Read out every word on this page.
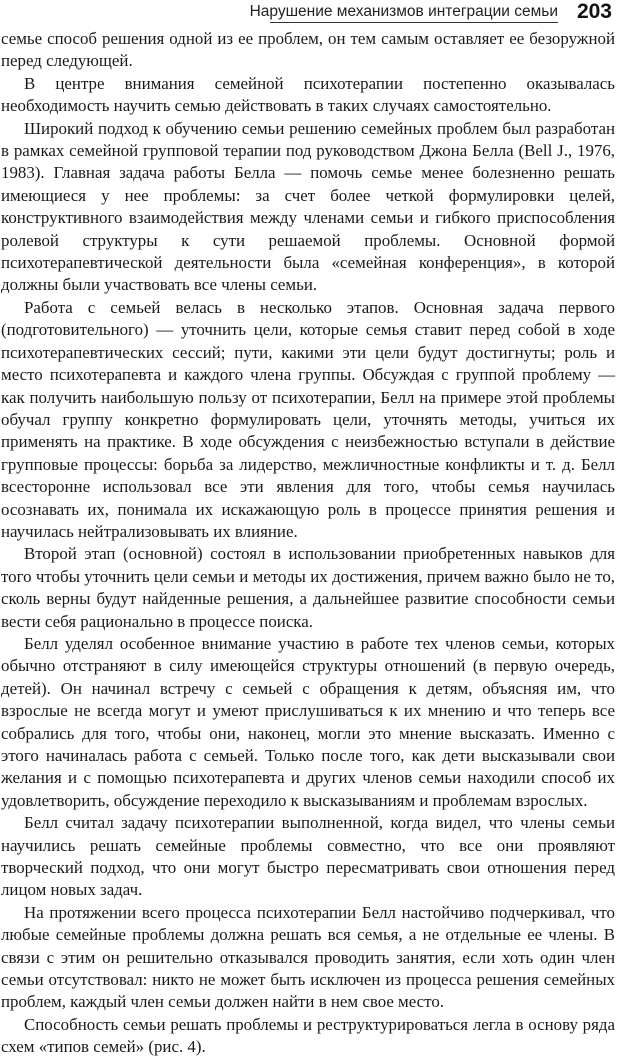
Нарушение механизмов интеграции семьи 203

семье способ решения одной из ее проблем, он тем самым оставляет ее безоружной перед следующей.

В центре внимания семейной психотерапии постепенно оказывалась необходимость научить семью действовать в таких случаях самостоятельно.

Широкий подход к обучению семьи решению семейных проблем был разработан в рамках семейной групповой терапии под руководством Джона Белла (Bell J., 1976, 1983). Главная задача работы Белла — помочь семье менее болезненно решать имеющиеся у нее проблемы: за счет более четкой формулировки целей, конструктивного взаимодействия между членами семьи и гибкого приспособления ролевой структуры к сути решаемой проблемы. Основной формой психотерапевтической деятельности была «семейная конференция», в которой должны были участвовать все члены семьи.

Работа с семьей велась в несколько этапов. Основная задача первого (подготовительного) — уточнить цели, которые семья ставит перед собой в ходе психотерапевтических сессий; пути, какими эти цели будут достигнуты; роль и место психотерапевта и каждого члена группы. Обсуждая с группой проблему — как получить наибольшую пользу от психотерапии, Белл на примере этой проблемы обучал группу конкретно формулировать цели, уточнять методы, учиться их применять на практике. В ходе обсуждения с неизбежностью вступали в действие групповые процессы: борьба за лидерство, межличностные конфликты и т. д. Белл всесторонне использовал все эти явления для того, чтобы семья научилась осознавать их, понимала их искажающую роль в процессе принятия решения и научилась нейтрализовывать их влияние.

Второй этап (основной) состоял в использовании приобретенных навыков для того чтобы уточнить цели семьи и методы их достижения, причем важно было не то, сколь верны будут найденные решения, а дальнейшее развитие способности семьи вести себя рационально в процессе поиска.

Белл уделял особенное внимание участию в работе тех членов семьи, которых обычно отстраняют в силу имеющейся структуры отношений (в первую очередь, детей). Он начинал встречу с семьей с обращения к детям, объясняя им, что взрослые не всегда могут и умеют прислушиваться к их мнению и что теперь все собрались для того, чтобы они, наконец, могли это мнение высказать. Именно с этого начиналась работа с семьей. Только после того, как дети высказывали свои желания и с помощью психотерапевта и других членов семьи находили способ их удовлетворить, обсуждение переходило к высказываниям и проблемам взрослых.

Белл считал задачу психотерапии выполненной, когда видел, что члены семьи научились решать семейные проблемы совместно, что все они проявляют творческий подход, что они могут быстро пересматривать свои отношения перед лицом новых задач.

На протяжении всего процесса психотерапии Белл настойчиво подчеркивал, что любые семейные проблемы должна решать вся семья, а не отдельные ее члены. В связи с этим он решительно отказывался проводить занятия, если хоть один член семьи отсутствовал: никто не может быть исключен из процесса решения семейных проблем, каждый член семьи должен найти в нем свое место.

Способность семьи решать проблемы и реструктурироваться легла в основу ряда схем «типов семей» (рис. 4).
